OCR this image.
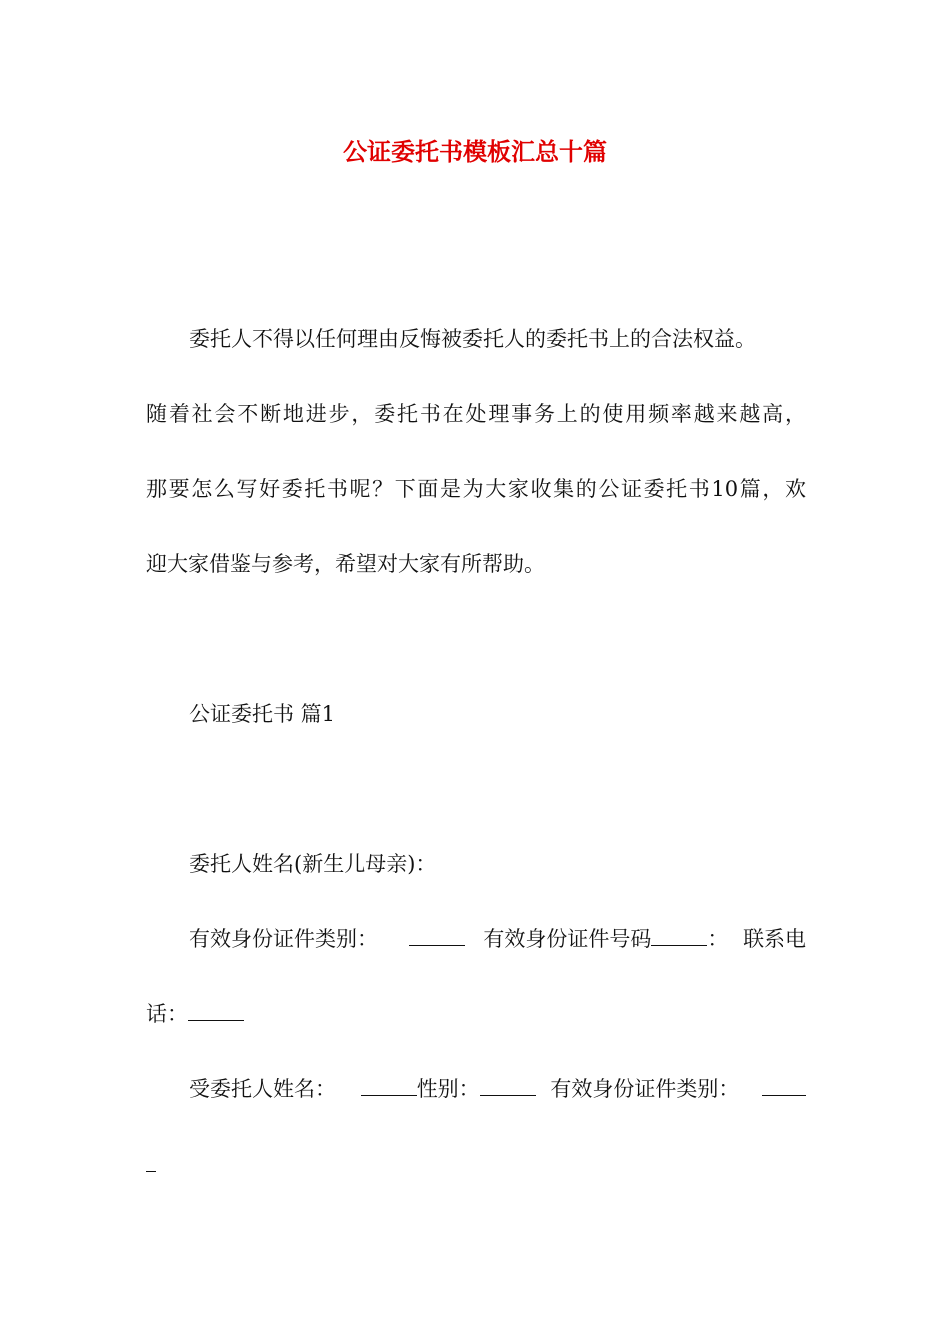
公证委托书模板汇总十篇
委托人不得以任何理由反悔被委托人的委托书上的合法权益。
随着社会不断地进步，委托书在处理事务上的使用频率越来越高，
那要怎么写好委托书呢？下面是为大家收集的公证委托书10篇，欢
迎大家借鉴与参考，希望对大家有所帮助。
公证委托书 篇1
委托人姓名(新生儿母亲)：
有效身份证件类别：	有效身份证件号码	： 联系电
话：
受委托人姓名：	性别：	有效身份证件类别：
